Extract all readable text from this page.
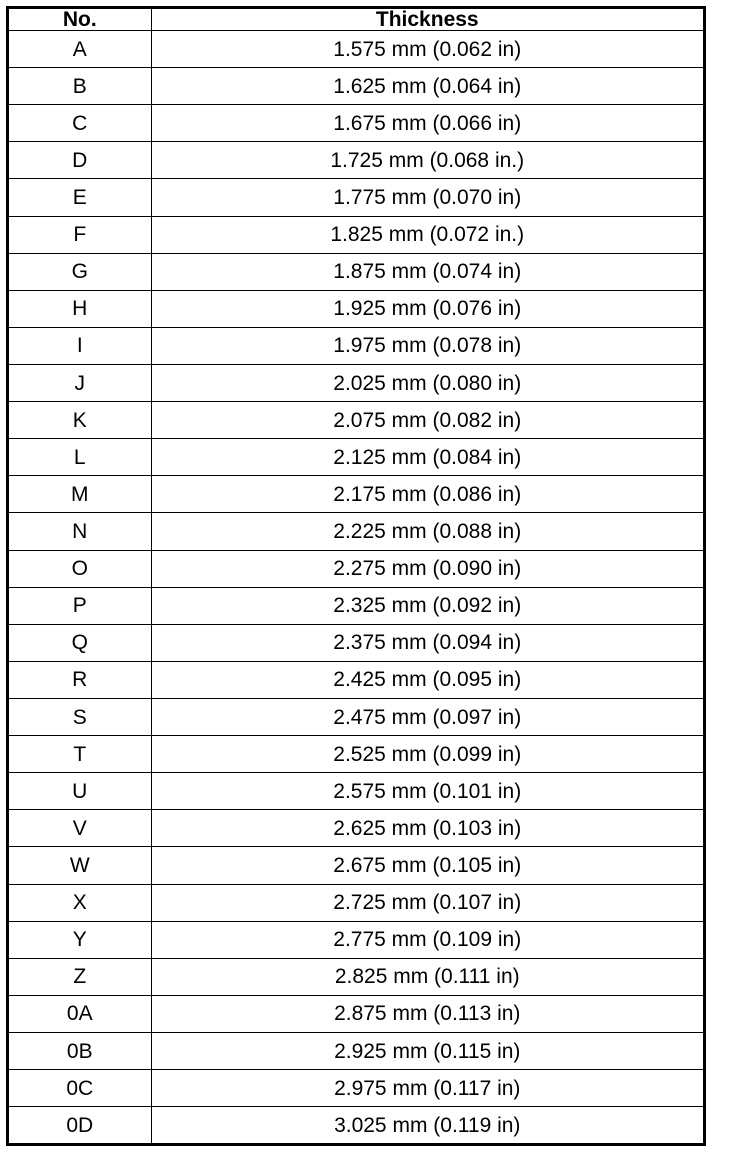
No.	Thickness
A	1.575 mm (0.062 in)
B	1.625 mm (0.064 in)
C	1.675 mm (0.066 in)
D	1.725 mm (0.068 in.)
E	1.775 mm (0.070 in)
F	1.825 mm (0.072 in.)
G	1.875 mm (0.074 in)
H	1.925 mm (0.076 in)
I	1.975 mm (0.078 in)
J	2.025 mm (0.080 in)
K	2.075 mm (0.082 in)
L	2.125 mm (0.084 in)
M	2.175 mm (0.086 in)
N	2.225 mm (0.088 in)
O	2.275 mm (0.090 in)
P	2.325 mm (0.092 in)
Q	2.375 mm (0.094 in)
R	2.425 mm (0.095 in)
S	2.475 mm (0.097 in)
T	2.525 mm (0.099 in)
U	2.575 mm (0.101 in)
V	2.625 mm (0.103 in)
W	2.675 mm (0.105 in)
X	2.725 mm (0.107 in)
Y	2.775 mm (0.109 in)
Z	2.825 mm (0.111 in)
0A	2.875 mm (0.113 in)
0B	2.925 mm (0.115 in)
0C	2.975 mm (0.117 in)
0D	3.025 mm (0.119 in)
